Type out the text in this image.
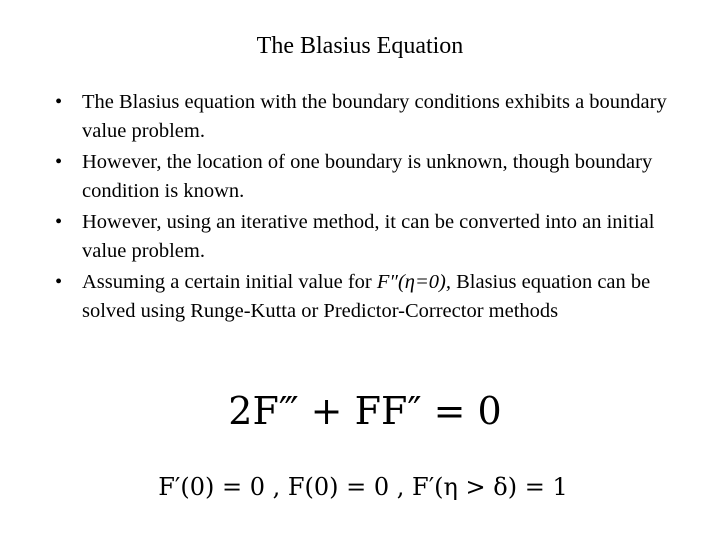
The Blasius Equation
• The Blasius equation with the boundary conditions exhibits a boundary value problem.
• However, the location of one boundary is unknown, though boundary condition is known.
• However, using an iterative method, it can be converted into an initial value problem.
• Assuming a certain initial value for F″(η=0), Blasius equation can be solved using Runge-Kutta or Predictor-Corrector methods
2F‴ + FF″ = 0
F′(0) = 0 , F(0) = 0 , F′(η > δ) = 1
